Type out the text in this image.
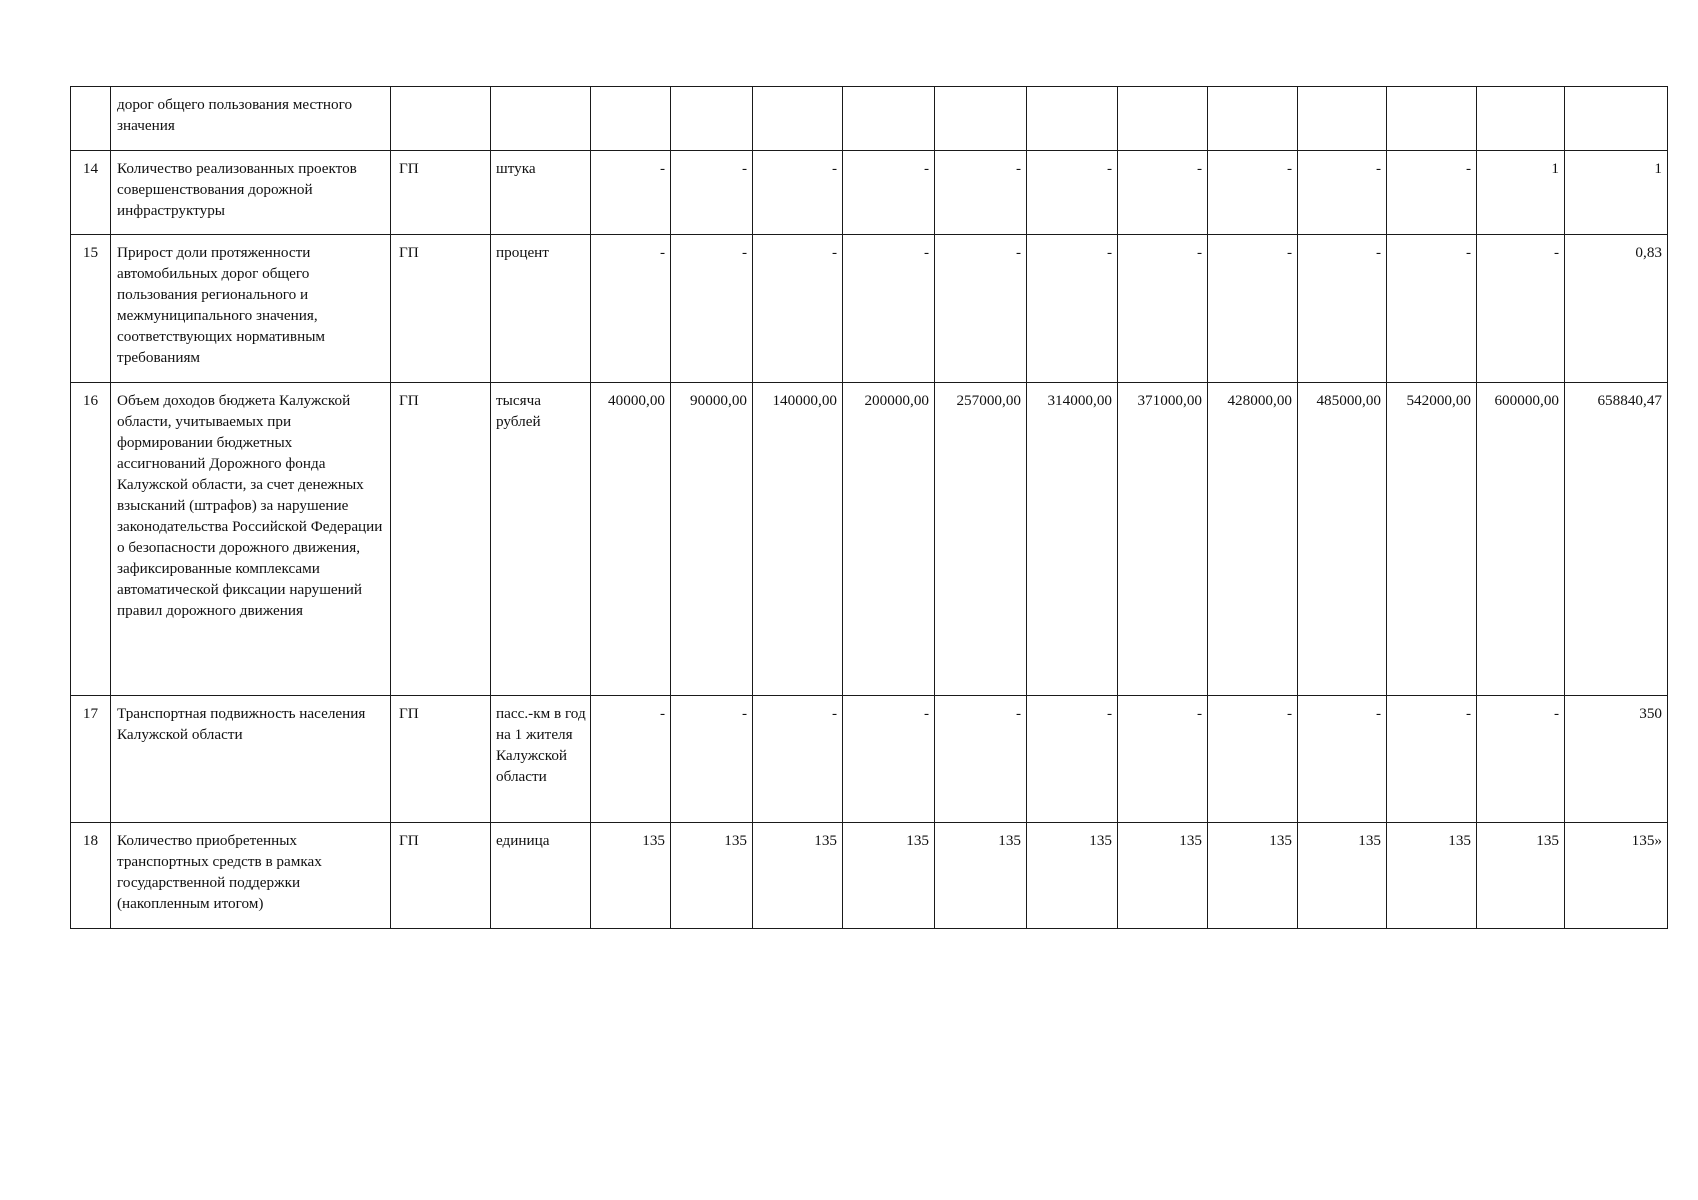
	дорог общего пользования местного значения														

14	Количество реализованных проектов совершенствования дорожной инфраструктуры	ГП	штука	-	-	-	-	-	-	-	-	-	-	1	1

15	Прирост доли протяженности автомобильных дорог общего пользования регионального и межмуниципального значения, соответствующих нормативным требованиям	ГП	процент	-	-	-	-	-	-	-	-	-	-	-	0,83

16	Объем доходов бюджета Калужской области, учитываемых при формировании бюджетных ассигнований Дорожного фонда Калужской области, за счет денежных взысканий (штрафов) за нарушение законодательства Российской Федерации о безопасности дорожного движения, зафиксированные комплексами автоматической фиксации нарушений правил дорожного движения	ГП	тысяча рублей	40000,00	90000,00	140000,00	200000,00	257000,00	314000,00	371000,00	428000,00	485000,00	542000,00	600000,00	658840,47

17	Транспортная подвижность населения Калужской области	ГП	пасс.-км в год на 1 жителя Калужской области	-	-	-	-	-	-	-	-	-	-	-	350

18	Количество приобретенных транспортных средств в рамках государственной поддержки (накопленным итогом)	ГП	единица	135	135	135	135	135	135	135	135	135	135	135	135»
